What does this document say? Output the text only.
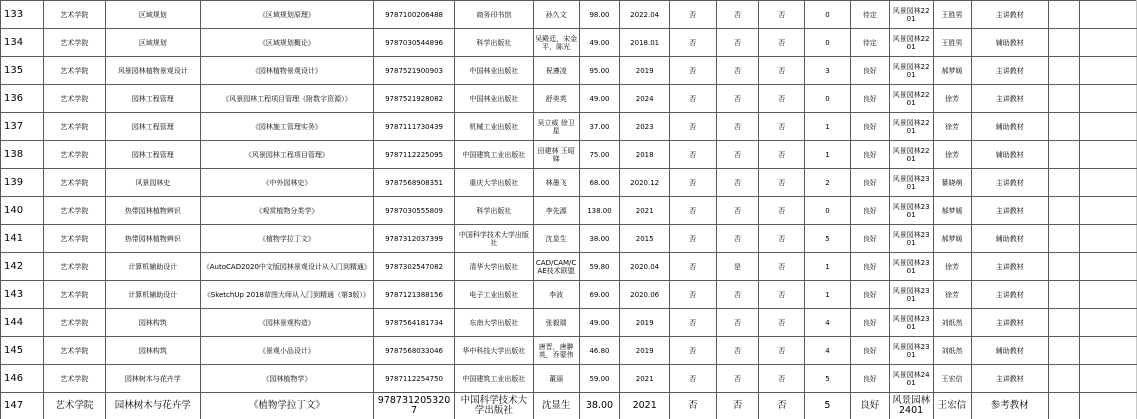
133	艺术学院	区域规划	《区域规划原理》	9787100206488	商务印书馆	孙久文	98.00	2022.04	否	否	否	0	待定	风景园林2201	王胜男	主讲教材		
134	艺术学院	区域规划	《区域规划概论》	9787030544896	科学出版社	吴殿廷，宋金平，陈光	49.00	2018.01	否	否	否	0	待定	风景园林2201	王胜男	辅助教材		
135	艺术学院	风景园林植物景观设计	《园林植物景观设计》	9787521900903	中国林业出版社	祝遵凌	95.00	2019	否	否	否	3	良好	风景园林2201	郝梦媛	主讲教材		
136	艺术学院	园林工程管理	《风景园林工程项目管理（附数字资源）》	9787521928082	中国林业出版社	舒美英	49.00	2024	否	否	否	0	良好	风景园林2201	徐芳	主讲教材		
137	艺术学院	园林工程管理	《园林施工管理实务》	9787111730439	机械工业出版社	吴立威 徐卫星	37.00	2023	否	否	否	1	良好	风景园林2201	徐芳	辅助教材		
138	艺术学院	园林工程管理	《风景园林工程项目管理》	9787112225095	中国建筑工业出版社	田建林 王昭娣	75.00	2018	否	否	否	1	良好	风景园林2201	徐芳	辅助教材		
139	艺术学院	风景园林史	《中外园林史》	9787568908351	重庆大学出版社	林墨飞	68.00	2020.12	否	否	否	2	良好	风景园林2301	綦晓萌	主讲教材		
140	艺术学院	热带园林植物辨识	《观赏植物分类学》	9787030555809	科学出版社	李先源	138.00	2021	否	否	否	0	良好	风景园林2301	郝梦媛	主讲教材		
141	艺术学院	热带园林植物辨识	《植物学拉丁文》	9787312037399	中国科学技术大学出版社	沈显生	38.00	2015	否	否	否	5	良好	风景园林2301	郝梦媛	辅助教材		
142	艺术学院	计算机辅助设计	《AutoCAD2020中文版园林景观设计从入门到精通》	9787302547082	清华大学出版社	CAD/CAM/CAE技术联盟	59.80	2020.04	否	是	否	1	良好	风景园林2301	徐芳	主讲教材		
143	艺术学院	计算机辅助设计	《SketchUp 2018草图大师从入门到精通（第3版）》	9787121388156	电子工业出版社	李波	69.00	2020.06	否	否	否	1	良好	风景园林2301	徐芳	主讲教材		
144	艺术学院	园林构筑	《园林景观构造》	9787564181734	东南大学出版社	张毅瑞	49.00	2019	否	否	否	4	良好	风景园林2301	刘纸然	主讲教材		
145	艺术学院	园林构筑	《景观小品设计》	9787568033046	华中科技大学出版社	唐晋，唐翀英，乔蒙伟	46.80	2019	否	否	否	4	良好	风景园林2301	刘纸然	辅助教材		
146	艺术学院	园林树木与花卉学	《园林植物学》	9787112254750	中国建筑工业出版社	董丽	59.00	2021	否	否	否	5	良好	风景园林2401	王宏信	主讲教材		
147	艺术学院	园林树木与花卉学	《植物学拉丁文》	9787312053207	中国科学技术大学出版社	沈显生	38.00	2021	否	否	否	5	良好	风景园林2401	王宏信	参考教材		
